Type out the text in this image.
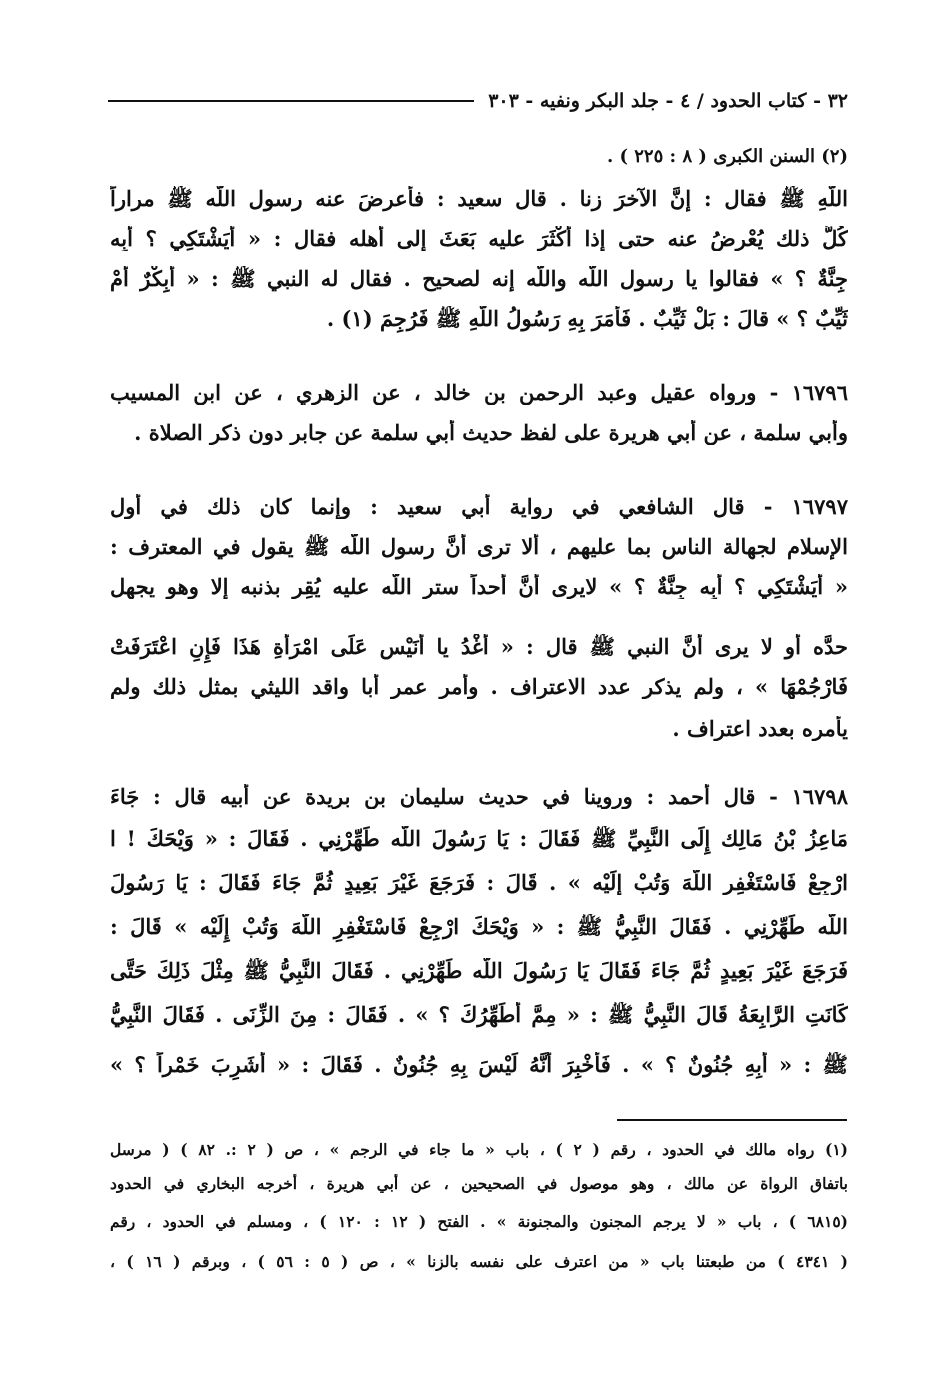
٣٢ - كتاب الحدود / ٤ - جلد البكر ونفيه - ٣٠٣
(٢) السنن الكبرى ( ٨ : ٢٢٥ ) .
اللَّهِ ﷺ فقال : إنَّ الآخرَ زنا . قال سعيد : فأعرضَ عنه رسول اللَّه ﷺ مراراً
كُلُّ ذلك يُعْرِضُ عنه حتى إذا أكْثَرَ عليه بَعَثَ إلى أهله فقال : « أَيَشْتَكِي ؟ أَبِه
جِنَّةٌ ؟ » فقالوا يا رسول اللَّه واللَّه إنه لصحيح . فقال له النبي ﷺ : « أَبِكْرٌ أَمْ
ثَيِّبٌ ؟ » قالَ : بَلْ ثَيِّبٌ . فَأَمَرَ بِهِ رَسُولُ اللَّهِ ﷺ فَرُجِمَ (١) .
١٦٧٩٦ - ورواه عقيل وعبد الرحمن بن خالد ، عن الزهري ، عن ابن المسيب
وأبي سلمة ، عن أبي هريرة على لفظ حديث أبي سلمة عن جابر دون ذكر الصلاة .
١٦٧٩٧ - قال الشافعي في رواية أبي سعيد : وإنما كان ذلك في أول
الإسلام لجهالة الناس بما عليهم ، ألا ترى أنَّ رسول اللَّه ﷺ يقول في المعترف :
« أَيَشْتَكِي ؟ أَبِه جِنَّةٌ ؟ » لايرى أنَّ أحداً ستر اللَّه عليه يُقِر بذنبه إلا وهو يجهل
حدَّه أو لا يرى أنَّ النبي ﷺ قال : « أَغْدُ يا أُنَيْس عَلَى امْرَأَةِ هَذَا فَإِنِ اعْتَرَفَتْ
فَارْجُمْهَا » ، ولم يذكر عدد الاعتراف . وأمر عمر أبا واقد الليثي بمثل ذلك ولم
يأمره بعدد اعتراف .
١٦٧٩٨ - قال أحمد : وروينا في حديث سليمان بن بريدة عن أبيه قال : جَاءَ
مَاعِزُ بْنُ مَالِك إِلَى النَّبِيِّ ﷺ فَقَالَ : يَا رَسُولَ اللَّه طَهِّرْنِي . فَقَالَ : « وَيْحَكَ ! ا
ارْجِعْ فَاسْتَغْفِرِ اللَّهَ وَتُبْ إِلَيْه » . قَالَ : فَرَجَعَ غَيْرَ بَعِيدٍ ثُمَّ جَاءَ فَقَالَ : يَا رَسُولَ
اللَّه طَهِّرْنِي . فَقَالَ النَّبِيُّ ﷺ : « وَيْحَكَ ارْجِعْ فَاسْتَغْفِرِ اللَّهَ وَتُبْ إِلَيْه » قَالَ :
فَرَجَعَ غَيْرَ بَعِيدٍ ثُمَّ جَاءَ فَقَالَ يَا رَسُولَ اللَّه طَهِّرْنِي . فَقَالَ النَّبِيُّ ﷺ مِثْلَ ذَلِكَ حَتَّى
كَانَتِ الرَّابِعَةُ قَالَ النَّبِيُّ ﷺ : « مِمَّ أُطَهِّرُكَ ؟ » . فَقَالَ : مِنَ الزِّنَى . فَقَالَ النَّبِيُّ
ﷺ : « أَبِهِ جُنُونٌ ؟ » . فَأُخْبِرَ أَنَّهُ لَيْسَ بِهِ جُنُونٌ . فَقَالَ : « أَشَرِبَ خَمْراً ؟ »
(١) رواه مالك في الحدود ، رقم ( ٢ ) ، باب « ما جاء في الرجم » ، ص ( ٢ :. ٨٢ ) ( مرسل
باتفاق الرواة عن مالك ، وهو موصول في الصحيحين ، عن أبي هريرة ، أخرجه البخاري في الحدود
(٦٨١٥ ) ، باب « لا يرجم المجنون والمجنونة » . الفتح ( ١٢ : ١٢٠ ) ، ومسلم في الحدود ، رقم
( ٤٣٤١ ) من طبعتنا باب « من اعترف على نفسه بالزنا » ، ص ( ٥ : ٥٦ ) ، وبرقم ( ١٦ ) ،
